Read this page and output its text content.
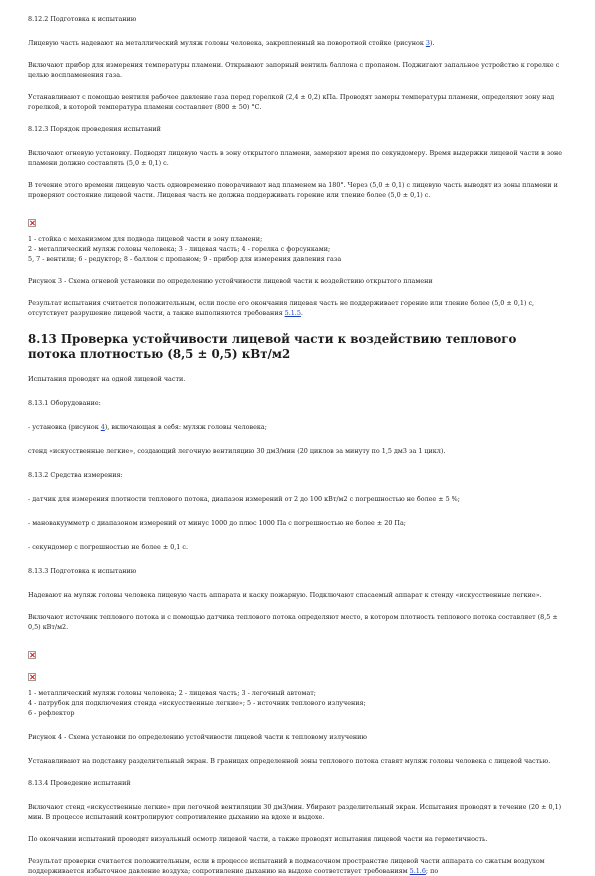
8.12.2 Подготовка к испытанию

Лицевую часть надевают на металлический муляж головы человека, закрепленный на поворотной стойке (рисунок 3).

Включают прибор для измерения температуры пламени. Открывают запорный вентиль баллона с пропаном. Поджигают запальное устройство к горелке с целью воспламенения газа.

Устанавливают с помощью вентиля рабочее давление газа перед горелкой (2,4 ± 0,2) кПа. Проводят замеры температуры пламени, определяют зону над горелкой, в которой температура пламени составляет (800 ± 50) °С.

8.12.3 Порядок проведения испытаний

Включают огневую установку. Подводят лицевую часть в зону открытого пламени, замеряют время по секундомеру. Время выдержки лицевой части в зоне пламени должно составлять (5,0 ± 0,1) с.

В течение этого времени лицевую часть одновременно поворачивают над пламенем на 180°. Через (5,0 ± 0,1) с лицевую часть выводят из зоны пламени и проверяют состояние лицевой части. Лицевая часть не должна поддерживать горение или тление более (5,0 ± 0,1) с.

1 - стойка с механизмом для подвода лицевой части в зону пламени;

2 - металлический муляж головы человека; 3 - лицевая часть; 4 - горелка с форсунками;

5, 7 - вентили; 6 - редуктор; 8 - баллон с пропаном; 9 - прибор для измерения давления газа

Рисунок 3 - Схема огневой установки по определению устойчивости лицевой части к воздействию открытого пламени

Результат испытания считается положительным, если после его окончания лицевая часть не поддерживает горение или тление более (5,0 ± 0,1) с, отсутствует разрушение лицевой части, а также выполняются требования 5.1.5.

8.13 Проверка устойчивости лицевой части к воздействию теплового потока плотностью (8,5 ± 0,5) кВт/м2

Испытания проводят на одной лицевой части.

8.13.1 Оборудование:

- установка (рисунок 4), включающая в себя: муляж головы человека;

стенд «искусственные легкие», создающий легочную вентиляцию 30 дм3/мин (20 циклов за минуту по 1,5 дм3 за 1 цикл).

8.13.2 Средства измерения:

- датчик для измерения плотности теплового потока, диапазон измерений от 2 до 100 кВт/м2 с погрешностью не более ± 5 %;

- мановакуумметр с диапазоном измерений от минус 1000 до плюс 1000 Па с погрешностью не более ± 20 Па;

- секундомер с погрешностью не более ± 0,1 с.

8.13.3 Подготовка к испытанию

Надевают на муляж головы человека лицевую часть аппарата и каску пожарную. Подключают спасаемый аппарат к стенду «искусственные легкие».

Включают источник теплового потока и с помощью датчика теплового потока определяют место, в котором плотность теплового потока составляет (8,5 ± 0,5) кВт/м2.

1 - металлический муляж головы человека; 2 - лицевая часть; 3 - легочный автомат;

4 - патрубок для подключения стенда «искусственные легкие»; 5 - источник теплового излучения;

6 - рефлектор

Рисунок 4 - Схема установки по определению устойчивости лицевой части к тепловому излучению

Устанавливают на подставку разделительный экран. В границах определенной зоны теплового потока ставят муляж головы человека с лицевой частью.

8.13.4 Проведение испытаний

Включают стенд «искусственные легкие» при легочной вентиляции 30 дм3/мин. Убирают разделительный экран. Испытания проводят в течение (20 ± 0,1) мин. В процессе испытаний контролируют сопротивление дыханию на вдохе и выдохе.

По окончании испытаний проводят визуальный осмотр лицевой части, а также проводят испытания лицевой части на герметичность.

Результат проверки считается положительным, если в процессе испытаний в подмасочном пространстве лицевой части аппарата со сжатым воздухом поддерживается избыточное давление воздуха; сопротивление дыханию на выдохе соответствует требованиям 5.1.6; по
